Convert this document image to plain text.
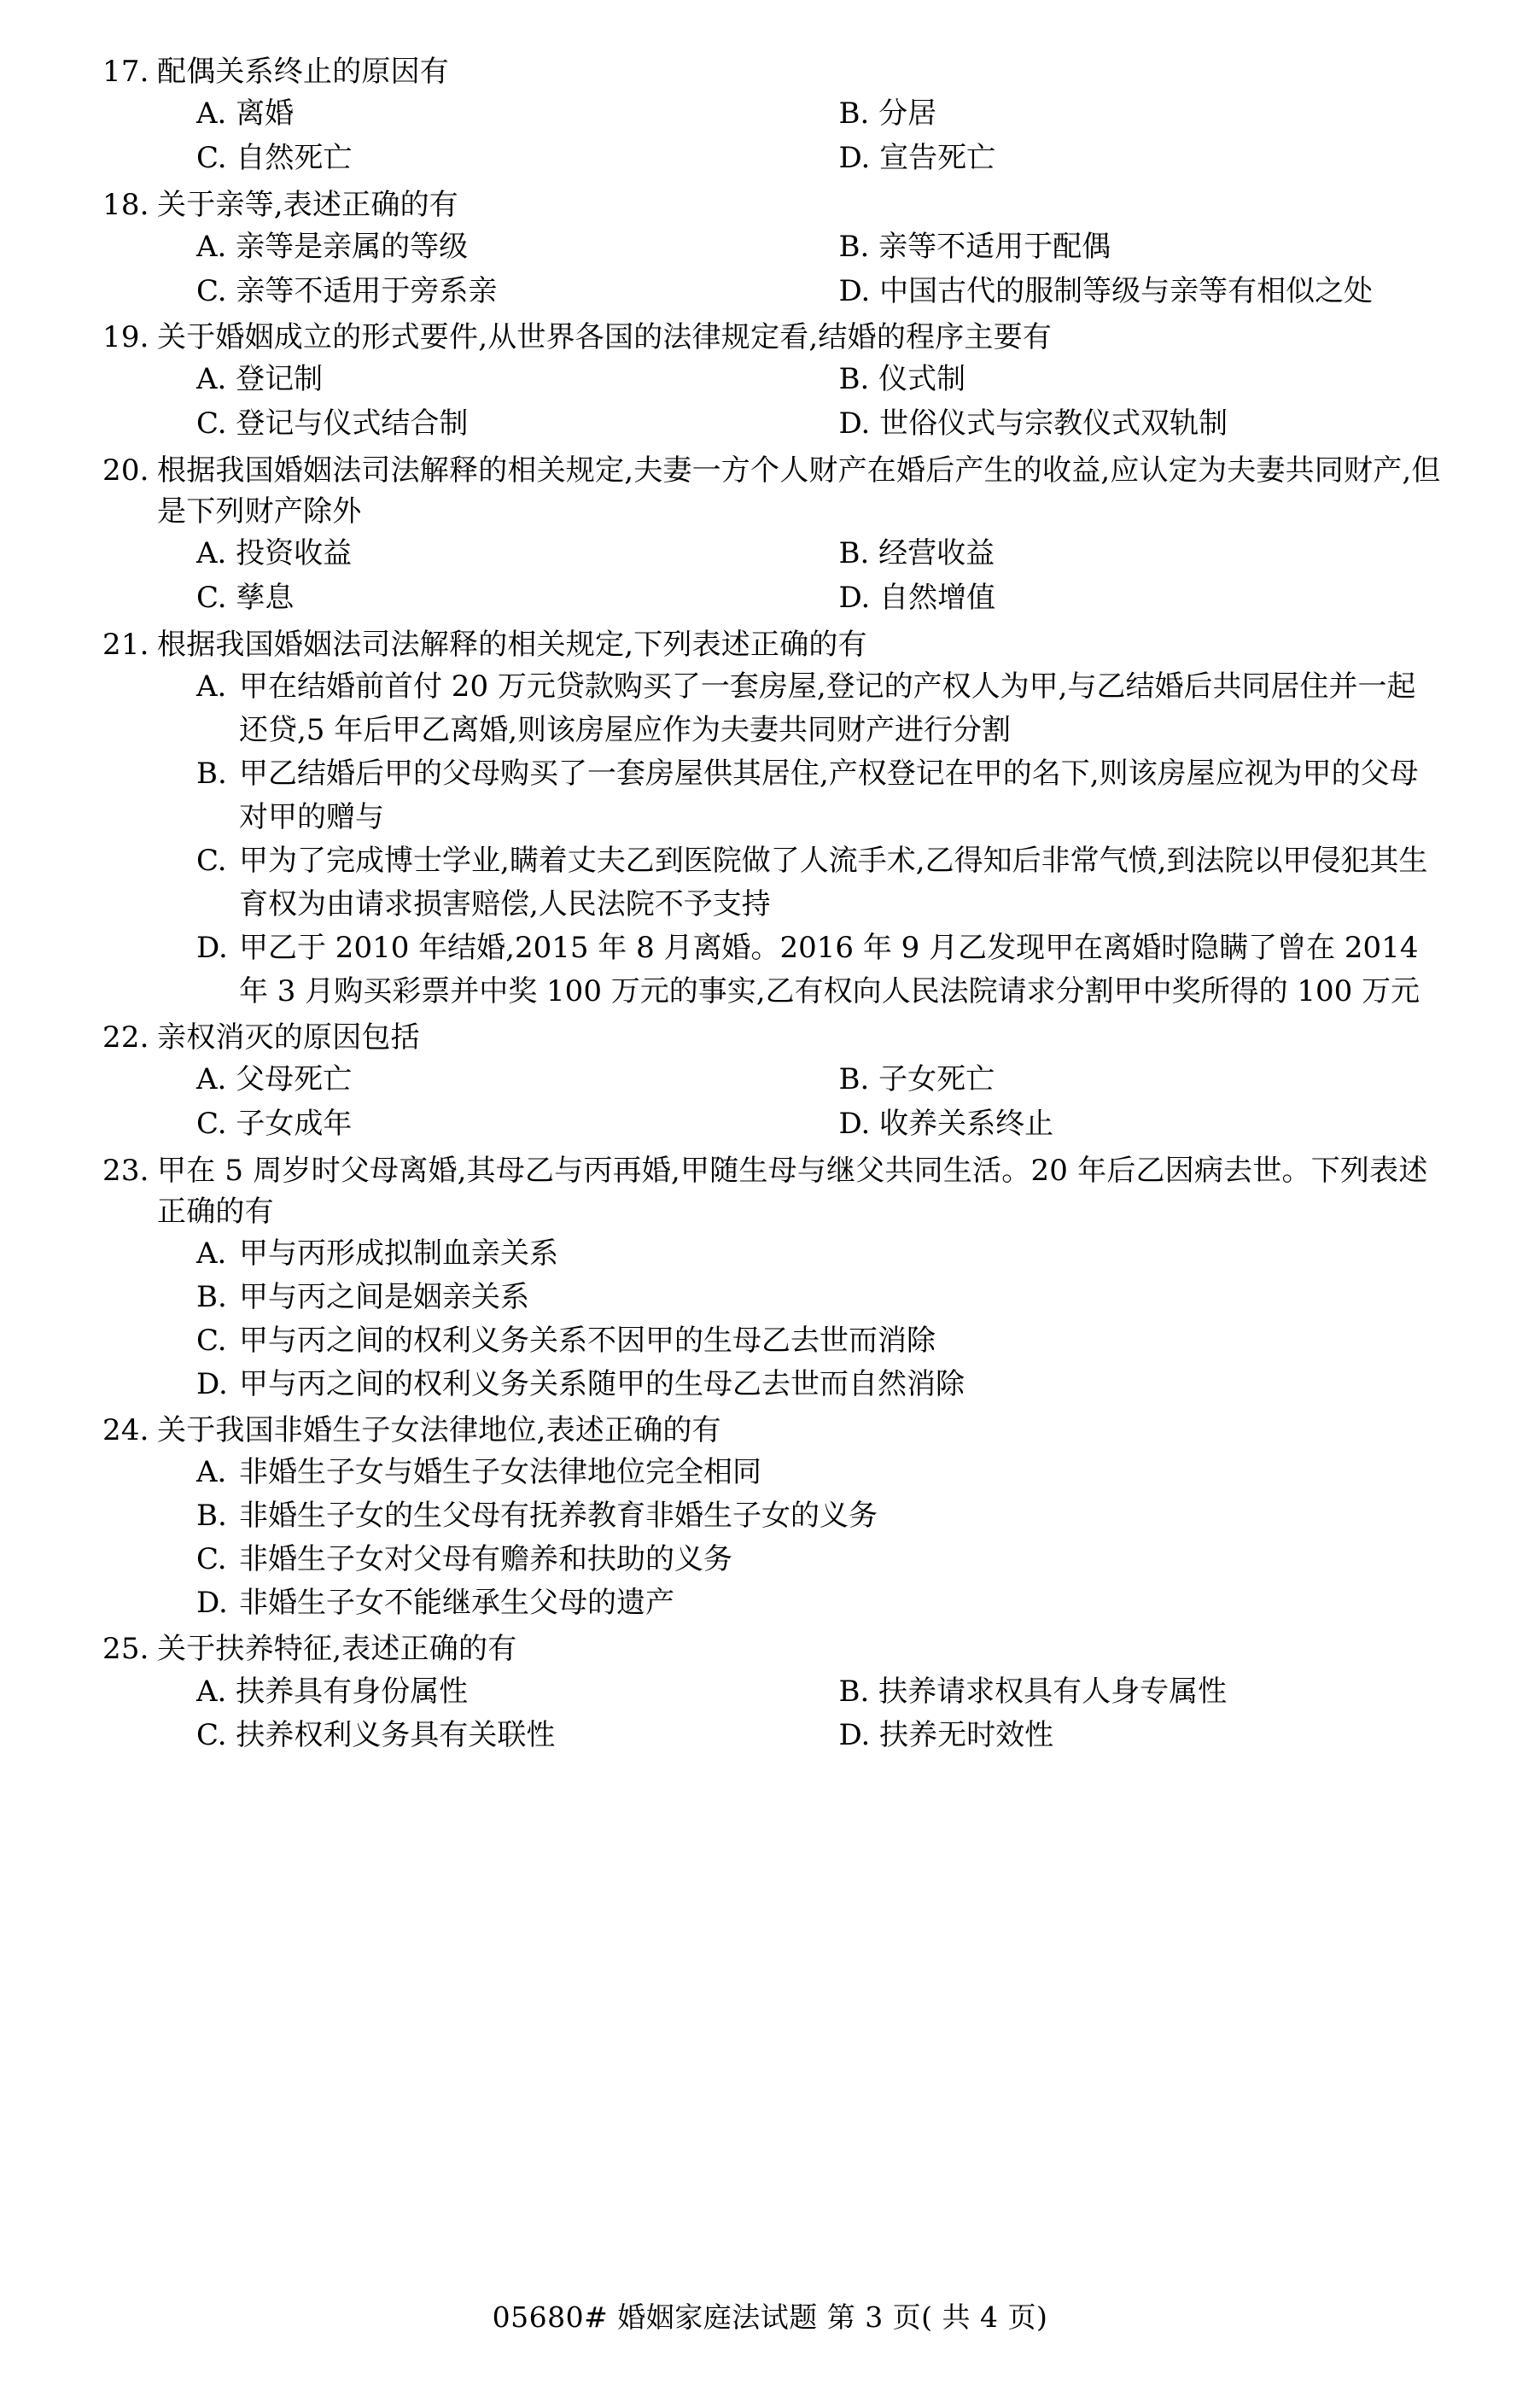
17. 配偶关系终止的原因有
A. 离婚	B. 分居
C. 自然死亡	D. 宣告死亡
18. 关于亲等,表述正确的有
A. 亲等是亲属的等级	B. 亲等不适用于配偶
C. 亲等不适用于旁系亲	D. 中国古代的服制等级与亲等有相似之处
19. 关于婚姻成立的形式要件,从世界各国的法律规定看,结婚的程序主要有
A. 登记制	B. 仪式制
C. 登记与仪式结合制	D. 世俗仪式与宗教仪式双轨制
20. 根据我国婚姻法司法解释的相关规定,夫妻一方个人财产在婚后产生的收益,应认定为夫妻共同财产,但是下列财产除外
A. 投资收益	B. 经营收益
C. 孳息	D. 自然增值
21. 根据我国婚姻法司法解释的相关规定,下列表述正确的有
A. 甲在结婚前首付 20 万元贷款购买了一套房屋,登记的产权人为甲,与乙结婚后共同居住并一起还贷,5 年后甲乙离婚,则该房屋应作为夫妻共同财产进行分割
B. 甲乙结婚后甲的父母购买了一套房屋供其居住,产权登记在甲的名下,则该房屋应视为甲的父母对甲的赠与
C. 甲为了完成博士学业,瞒着丈夫乙到医院做了人流手术,乙得知后非常气愤,到法院以甲侵犯其生育权为由请求损害赔偿,人民法院不予支持
D. 甲乙于 2010 年结婚,2015 年 8 月离婚。2016 年 9 月乙发现甲在离婚时隐瞒了曾在 2014 年 3 月购买彩票并中奖 100 万元的事实,乙有权向人民法院请求分割甲中奖所得的 100 万元
22. 亲权消灭的原因包括
A. 父母死亡	B. 子女死亡
C. 子女成年	D. 收养关系终止
23. 甲在 5 周岁时父母离婚,其母乙与丙再婚,甲随生母与继父共同生活。20 年后乙因病去世。下列表述正确的有
A. 甲与丙形成拟制血亲关系
B. 甲与丙之间是姻亲关系
C. 甲与丙之间的权利义务关系不因甲的生母乙去世而消除
D. 甲与丙之间的权利义务关系随甲的生母乙去世而自然消除
24. 关于我国非婚生子女法律地位,表述正确的有
A. 非婚生子女与婚生子女法律地位完全相同
B. 非婚生子女的生父母有抚养教育非婚生子女的义务
C. 非婚生子女对父母有赡养和扶助的义务
D. 非婚生子女不能继承生父母的遗产
25. 关于扶养特征,表述正确的有
A. 扶养具有身份属性	B. 扶养请求权具有人身专属性
C. 扶养权利义务具有关联性	D. 扶养无时效性
05680# 婚姻家庭法试题 第 3 页( 共 4 页)
